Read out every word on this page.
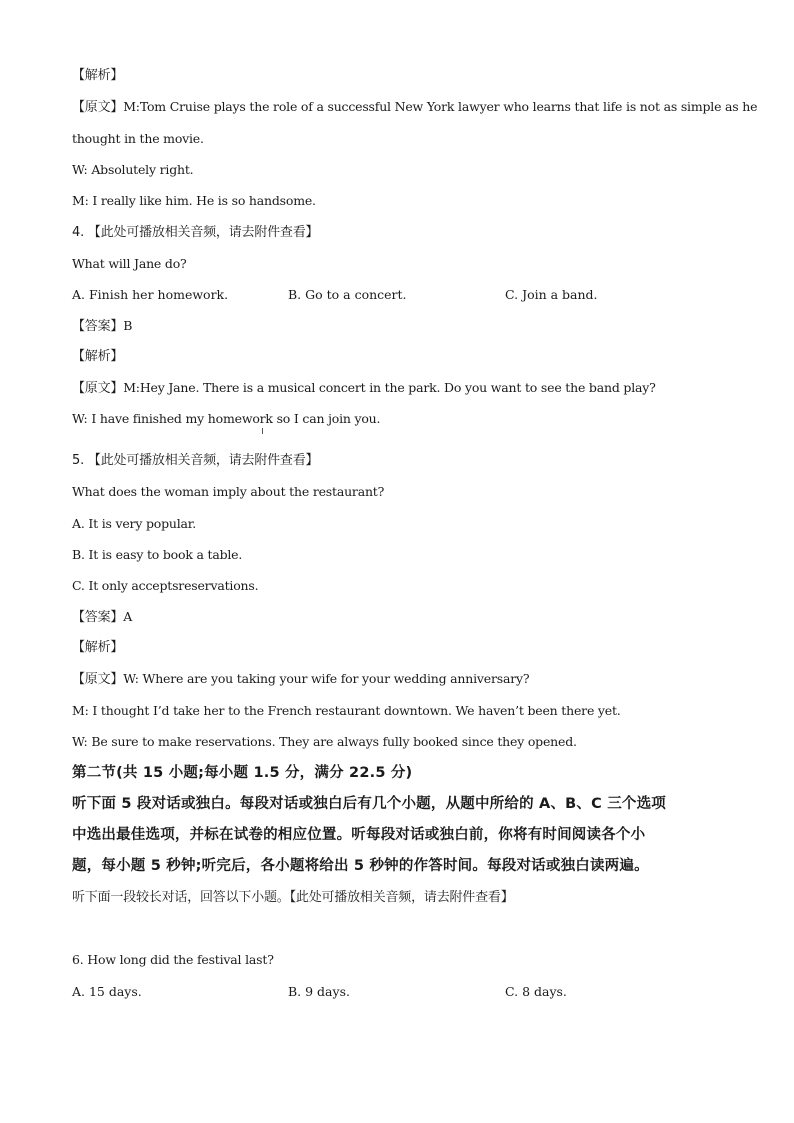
【解析】
【原文】M:Tom Cruise plays the role of a successful New York lawyer who learns that life is not as simple as he
thought in the movie.
W: Absolutely right.
M: I really like him. He is so handsome.
4. 【此处可播放相关音频，请去附件查看】
What will Jane do?
A. Finish her homework.	B. Go to a concert.	C. Join a band.
【答案】B
【解析】
【原文】M:Hey Jane. There is a musical concert in the park. Do you want to see the band play?
W: I have finished my homework so I can join you.
5. 【此处可播放相关音频，请去附件查看】
What does the woman imply about the restaurant?
A. It is very popular.
B. It is easy to book a table.
C. It only acceptsreservations.
【答案】A
【解析】
【原文】W: Where are you taking your wife for your wedding anniversary?
M: I thought I’d take her to the French restaurant downtown. We haven’t been there yet.
W: Be sure to make reservations. They are always fully booked since they opened.
第二节(共 15 小题;每小题 1.5 分，满分 22.5 分)
听下面 5 段对话或独白。每段对话或独白后有几个小题，从题中所给的 A、B、C 三个选项
中选出最佳选项，并标在试卷的相应位置。听每段对话或独白前，你将有时间阅读各个小
题，每小题 5 秒钟;听完后，各小题将给出 5 秒钟的作答时间。每段对话或独白读两遍。
听下面一段较长对话，回答以下小题。【此处可播放相关音频，请去附件查看】
6. How long did the festival last?
A. 15 days.	B. 9 days.	C. 8 days.
